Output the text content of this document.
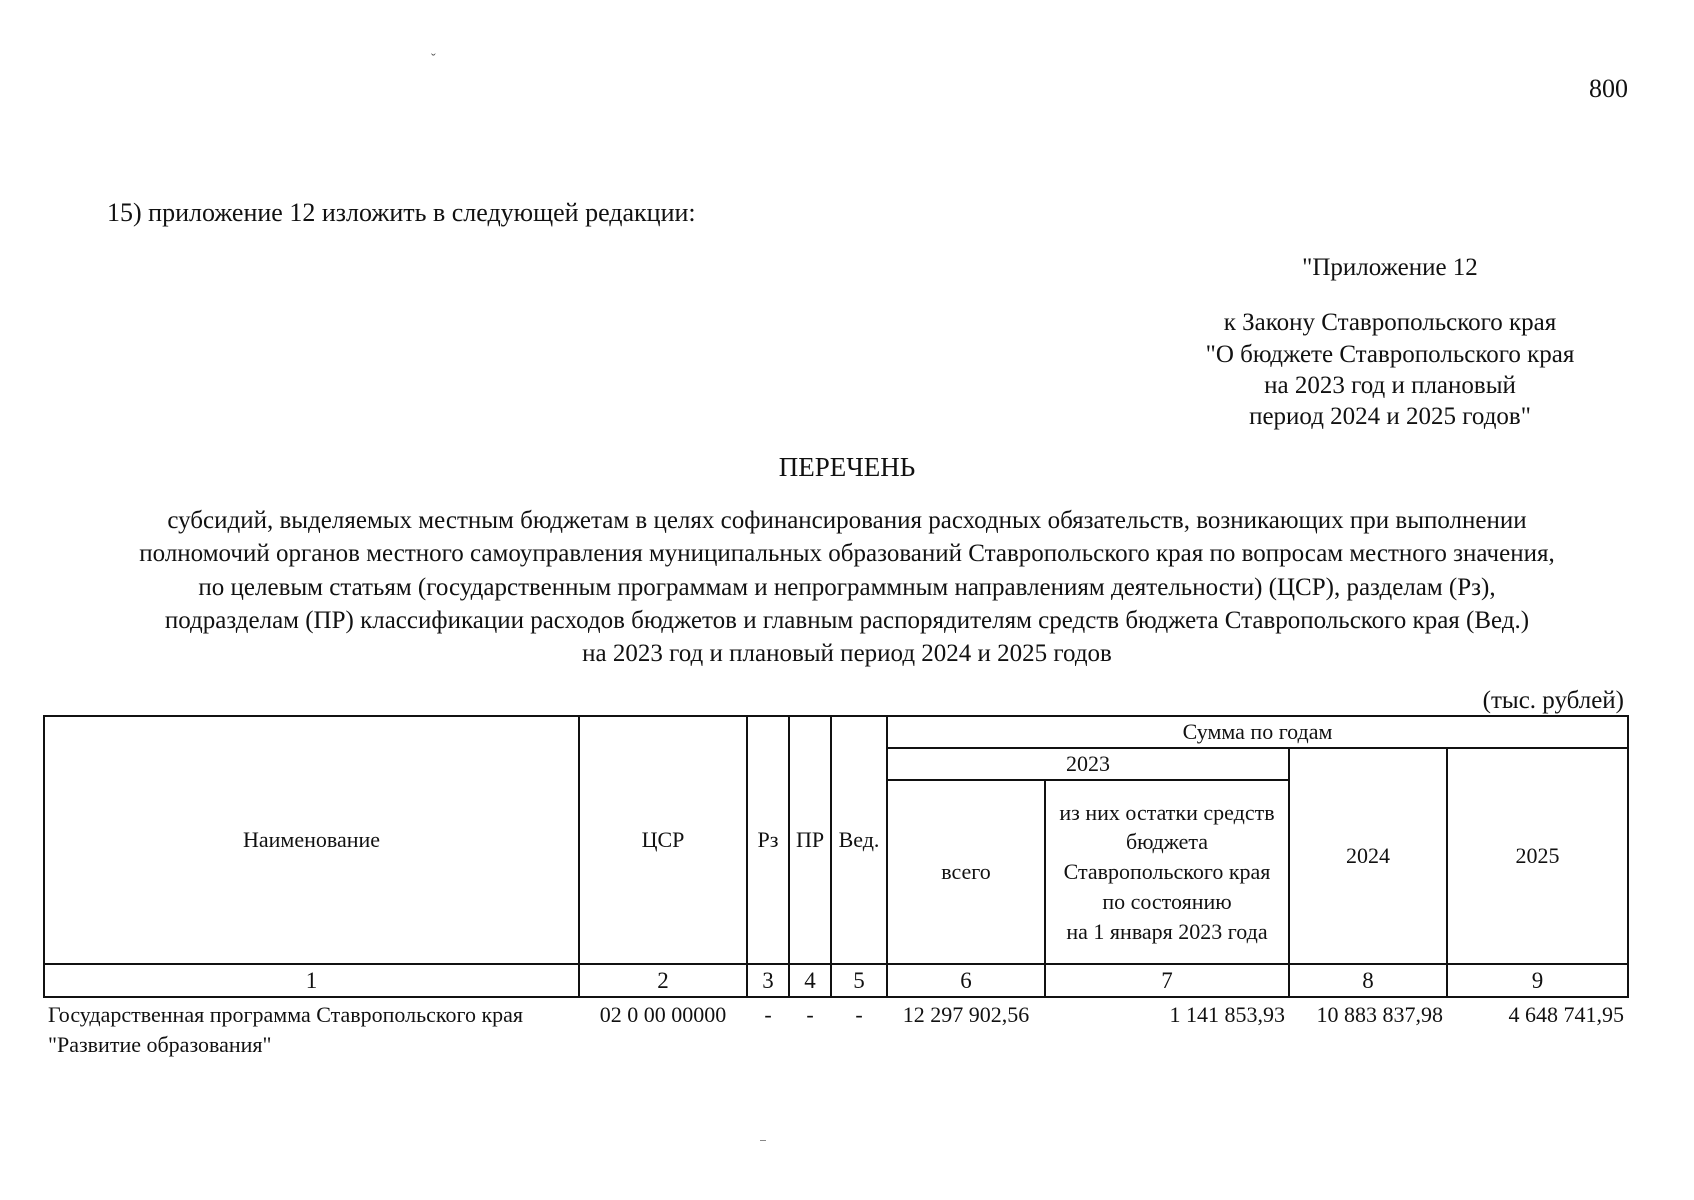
ˇ
800
15) приложение 12 изложить в следующей редакции:
"Приложение 12
к Закону Ставропольского края
"О бюджете Ставропольского края
на 2023 год и плановый
период 2024 и 2025 годов"
ПЕРЕЧЕНЬ
субсидий, выделяемых местным бюджетам в целях софинансирования расходных обязательств, возникающих при выполнении
полномочий органов местного самоуправления муниципальных образований Ставропольского края по вопросам местного значения,
по целевым статьям (государственным программам и непрограммным направлениям деятельности) (ЦСР), разделам (Рз),
подразделам (ПР) классификации расходов бюджетов и главным распорядителям средств бюджета Ставропольского края (Вед.)
на 2023 год и плановый период 2024 и 2025 годов
(тыс. рублей)
Наименование	ЦСР	Рз	ПР	Вед.	Сумма по годам			
					2023		2024	2025
					всего	из них остатки средств
бюджета
Ставропольского края
по состоянию
на 1 января 2023 года		
1	2	3	4	5	6	7	8	9
Государственная программа Ставропольского края
"Развитие образования"	02 0 00 00000	-	-	-	12 297 902,56	1 141 853,93	10 883 837,98	4 648 741,95
